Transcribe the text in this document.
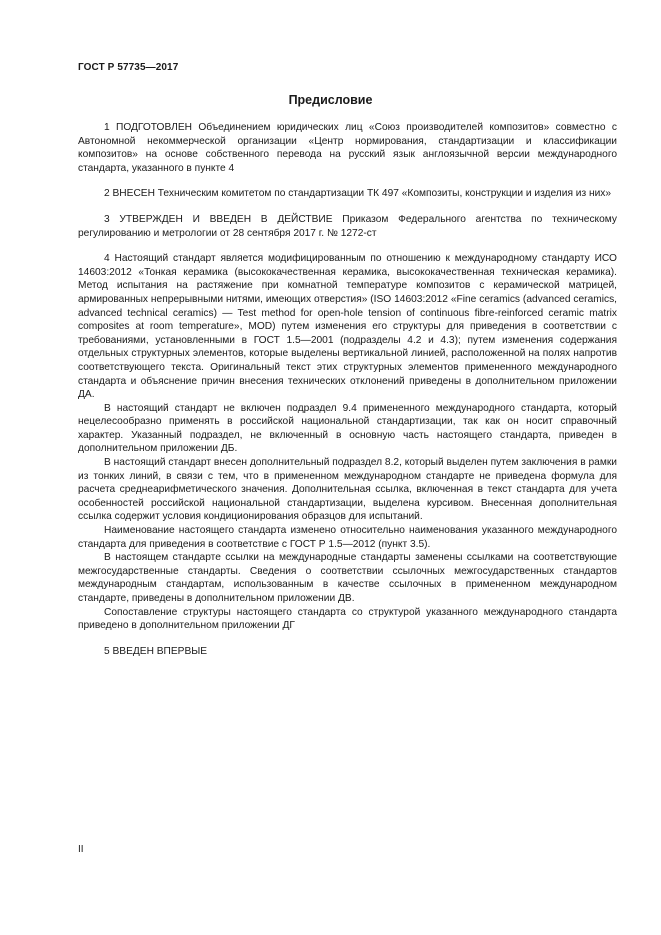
ГОСТ Р 57735—2017
Предисловие

1 ПОДГОТОВЛЕН Объединением юридических лиц «Союз производителей композитов» совместно с Автономной некоммерческой организации «Центр нормирования, стандартизации и классификации композитов» на основе собственного перевода на русский язык англоязычной версии международного стандарта, указанного в пункте 4

2 ВНЕСЕН Техническим комитетом по стандартизации ТК 497 «Композиты, конструкции и изделия из них»

3 УТВЕРЖДЕН И ВВЕДЕН В ДЕЙСТВИЕ Приказом Федерального агентства по техническому регулированию и метрологии от 28 сентября 2017 г. № 1272-ст

4 Настоящий стандарт является модифицированным по отношению к международному стандарту ИСО 14603:2012 «Тонкая керамика (высококачественная керамика, высококачественная техническая керамика). Метод испытания на растяжение при комнатной температуре композитов с керамической матрицей, армированных непрерывными нитями, имеющих отверстия» (ISO 14603:2012 «Fine ceramics (advanced ceramics, advanced technical ceramics) — Test method for open-hole tension of continuous fibre-reinforced ceramic matrix composites at room temperature», MOD) путем изменения его структуры для приведения в соответствии с требованиями, установленными в ГОСТ 1.5—2001 (подразделы 4.2 и 4.3); путем изменения содержания отдельных структурных элементов, которые выделены вертикальной линией, расположенной на полях напротив соответствующего текста. Оригинальный текст этих структурных элементов примененного международного стандарта и объяснение причин внесения технических отклонений приведены в дополнительном приложении ДА.

В настоящий стандарт не включен подраздел 9.4 примененного международного стандарта, который нецелесообразно применять в российской национальной стандартизации, так как он носит справочный характер. Указанный подраздел, не включенный в основную часть настоящего стандарта, приведен в дополнительном приложении ДБ.

В настоящий стандарт внесен дополнительный подраздел 8.2, который выделен путем заключения в рамки из тонких линий, в связи с тем, что в примененном международном стандарте не приведена формула для расчета среднеарифметического значения. Дополнительная ссылка, включенная в текст стандарта для учета особенностей российской национальной стандартизации, выделена курсивом. Внесенная дополнительная ссылка содержит условия кондиционирования образцов для испытаний.

Наименование настоящего стандарта изменено относительно наименования указанного международного стандарта для приведения в соответствие с ГОСТ Р 1.5—2012 (пункт 3.5).

В настоящем стандарте ссылки на международные стандарты заменены ссылками на соответствующие межгосударственные стандарты. Сведения о соответствии ссылочных межгосударственных стандартов международным стандартам, использованным в качестве ссылочных в примененном международном стандарте, приведены в дополнительном приложении ДВ.

Сопоставление структуры настоящего стандарта со структурой указанного международного стандарта приведено в дополнительном приложении ДГ

5 ВВЕДЕН ВПЕРВЫЕ

II
